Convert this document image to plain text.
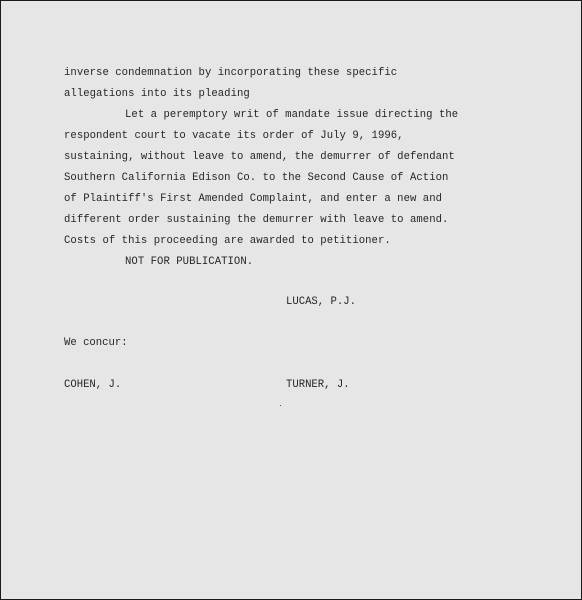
inverse condemnation by incorporating these specific

allegations into its pleading

Let a peremptory writ of mandate issue directing the

respondent court to vacate its order of July 9, 1996,

sustaining, without leave to amend, the demurrer of defendant

Southern California Edison Co. to the Second Cause of Action

of Plaintiff's First Amended Complaint, and enter a new and

different order sustaining the demurrer with leave to amend.

Costs of this proceeding are awarded to petitioner.

NOT FOR PUBLICATION.

LUCAS, P.J.
We concur:
COHEN, J.	TURNER, J.
